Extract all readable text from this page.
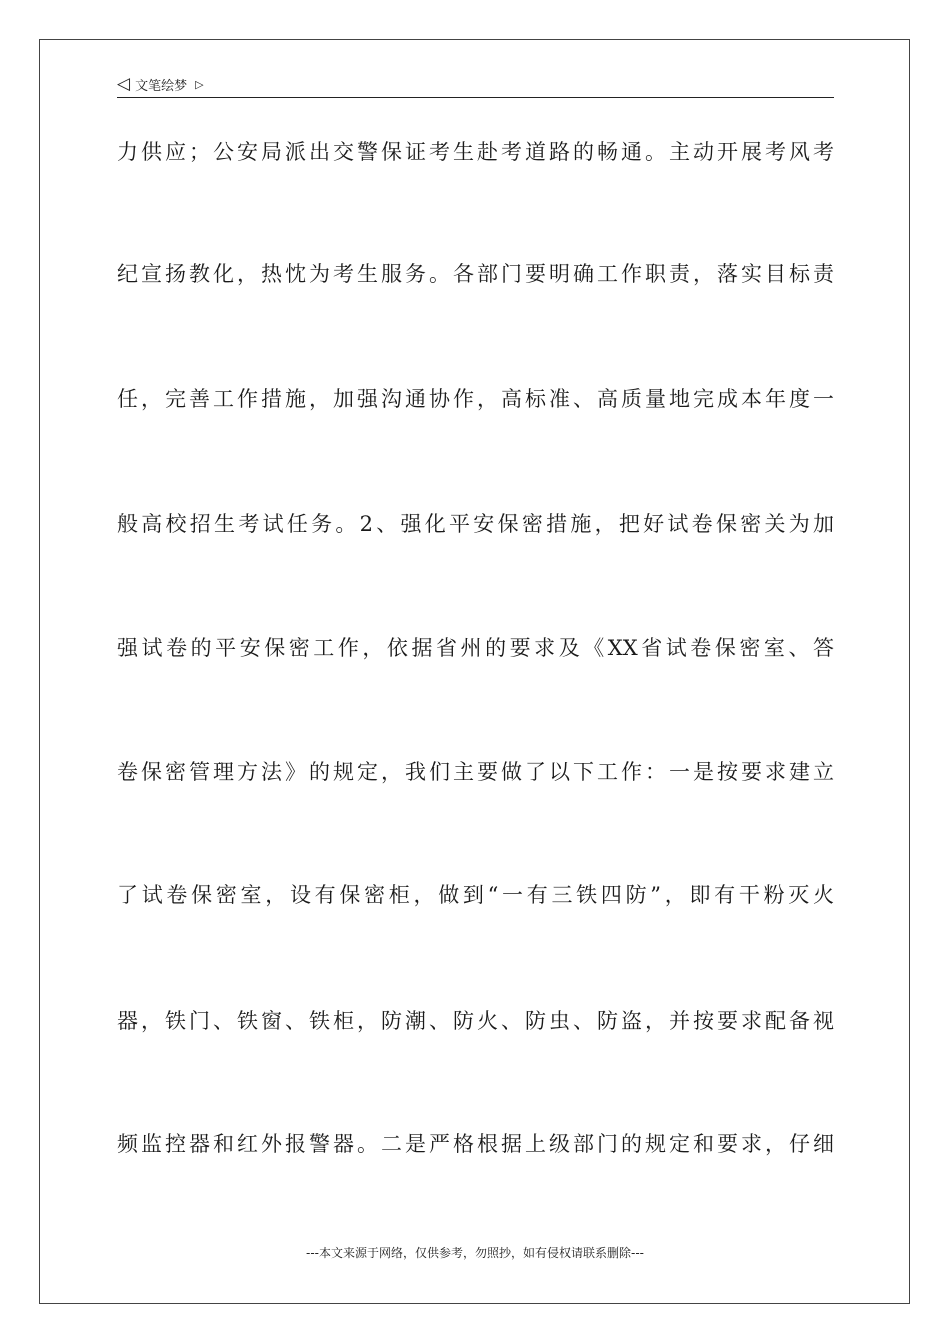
◁ 文笔绘梦 ▷
力供应；公安局派出交警保证考生赴考道路的畅通。主动开展考风考
纪宣扬教化，热忱为考生服务。各部门要明确工作职责，落实目标责
任，完善工作措施，加强沟通协作，高标准、高质量地完成本年度一
般高校招生考试任务。2、强化平安保密措施，把好试卷保密关为加
强试卷的平安保密工作，依据省州的要求及《XX省试卷保密室、答
卷保密管理方法》的规定，我们主要做了以下工作：一是按要求建立
了试卷保密室，设有保密柜，做到“一有三铁四防”，即有干粉灭火
器，铁门、铁窗、铁柜，防潮、防火、防虫、防盗，并按要求配备视
频监控器和红外报警器。二是严格根据上级部门的规定和要求，仔细
---本文来源于网络，仅供参考，勿照抄，如有侵权请联系删除---
